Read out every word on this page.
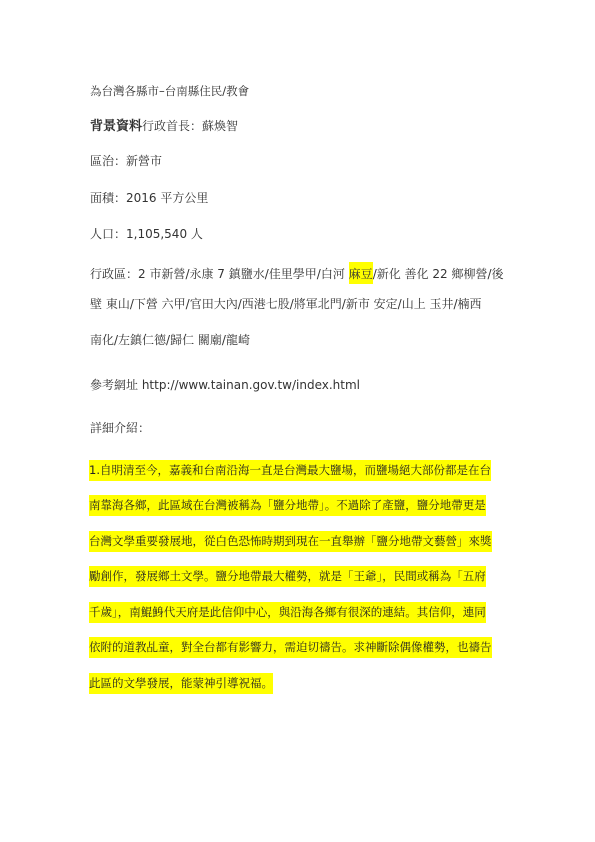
為台灣各縣市–台南縣住民/教會
背景資料行政首長：蘇煥智
區治：新營市
面積：2016 平方公里
人口：1,105,540 人
行政區：2 市新營/永康 7 鎮鹽水/佳里學甲/白河 麻豆/新化 善化 22 鄉柳營/後
壁 東山/下營 六甲/官田大內/西港七股/將軍北門/新市 安定/山上 玉井/楠西
南化/左鎮仁德/歸仁 關廟/龍崎
參考網址 http://www.tainan.gov.tw/index.html
詳細介紹：
1.自明清至今，嘉義和台南沿海一直是台灣最大鹽場，而鹽場絕大部份都是在台
南靠海各鄉，此區域在台灣被稱為「鹽分地帶」。不過除了產鹽，鹽分地帶更是
台灣文學重要發展地，從白色恐怖時期到現在一直舉辦「鹽分地帶文藝營」來獎
勵創作，發展鄉土文學。鹽分地帶最大權勢，就是「王爺」，民間或稱為「五府
千歲」，南鯤鯓代天府是此信仰中心，與沿海各鄉有很深的連結。其信仰，連同
依附的道教乩童，對全台都有影響力，需迫切禱告。求神斷除偶像權勢，也禱告
此區的文學發展，能蒙神引導祝福。
